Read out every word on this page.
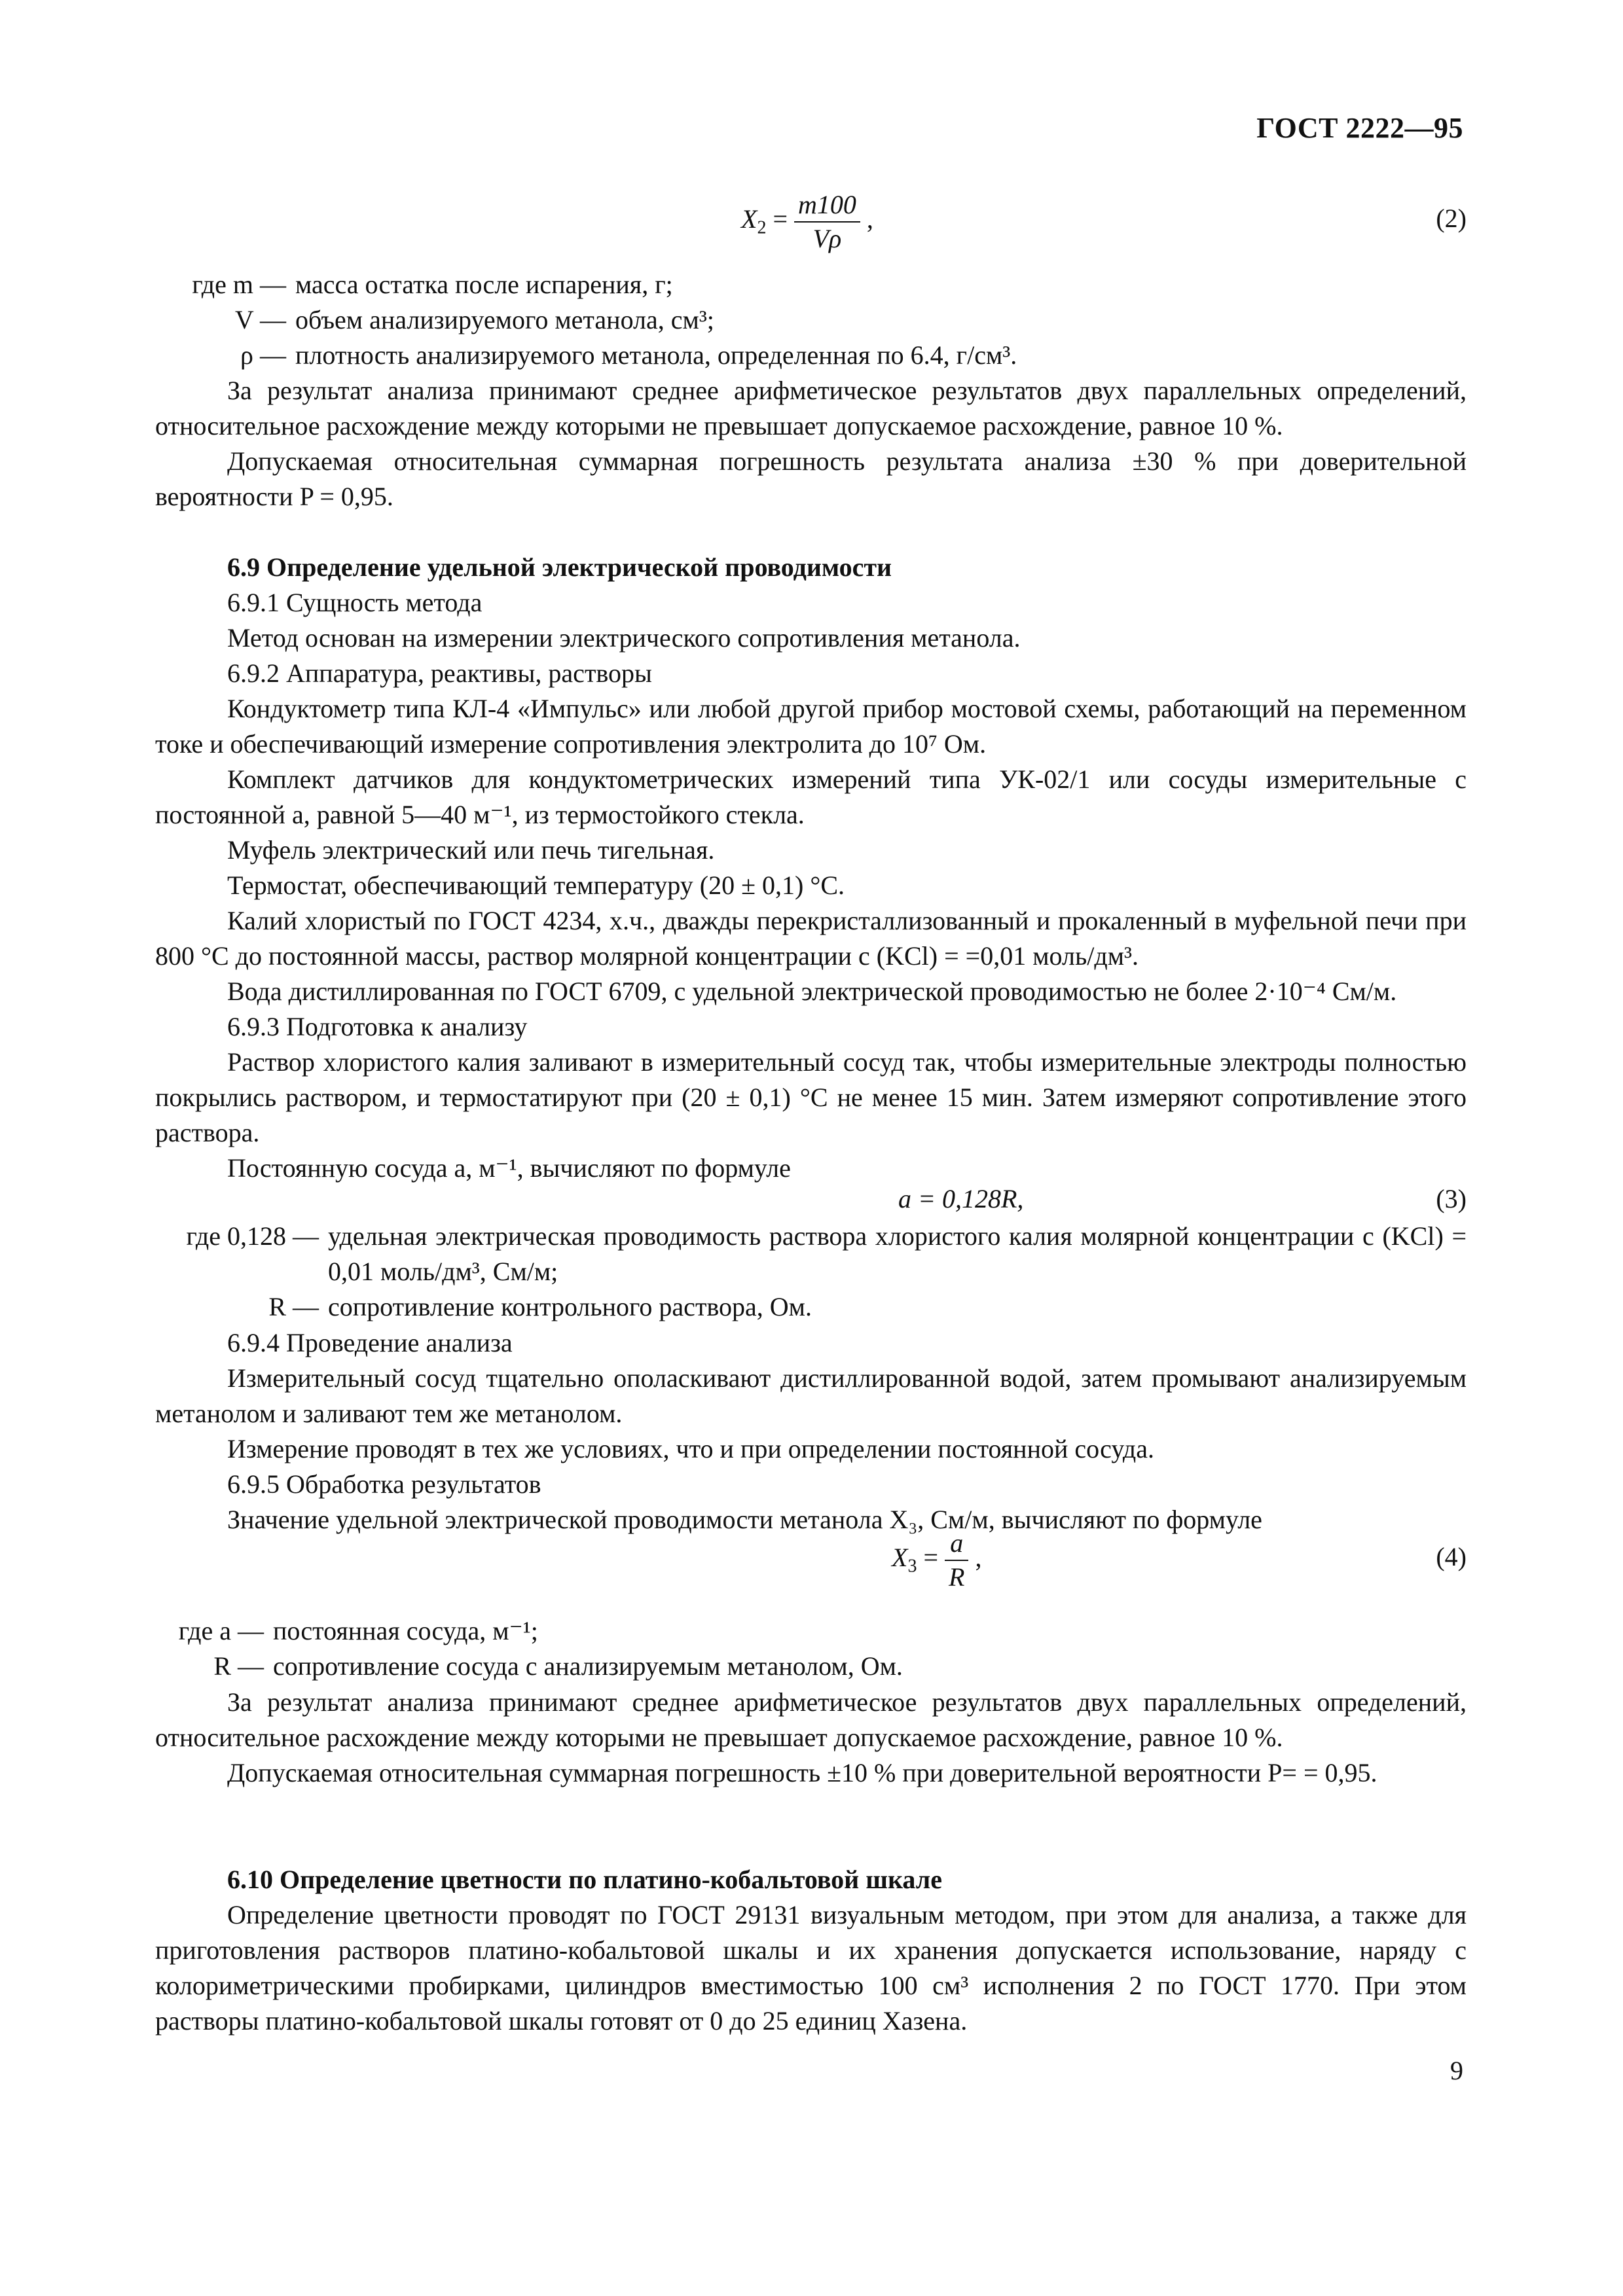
ГОСТ 2222—95
$X_2 = \frac{m100}{V\rho}$ ,	(2)
где m — масса остатка после испарения, г;
V — объем анализируемого метанола, см³;
ρ — плотность анализируемого метанола, определенная по 6.4, г/см³.

За результат анализа принимают среднее арифметическое результатов двух параллельных определений, относительное расхождение между которыми не превышает допускаемое расхождение, равное 10 %.

Допускаемая относительная суммарная погрешность результата анализа ±30 % при доверительной вероятности P = 0,95.

6.9 Определение удельной электрической проводимости

6.9.1 Сущность метода

Метод основан на измерении электрического сопротивления метанола.

6.9.2 Аппаратура, реактивы, растворы

Кондуктометр типа КЛ-4 «Импульс» или любой другой прибор мостовой схемы, работающий на переменном токе и обеспечивающий измерение сопротивления электролита до 10⁷ Ом.

Комплект датчиков для кондуктометрических измерений типа УК-02/1 или сосуды измерительные с постоянной а, равной 5—40 м⁻¹, из термостойкого стекла.

Муфель электрический или печь тигельная.

Термостат, обеспечивающий температуру (20 ± 0,1) °С.

Калий хлористый по ГОСТ 4234, х.ч., дважды перекристаллизованный и прокаленный в муфельной печи при 800 °С до постоянной массы, раствор молярной концентрации с (KCl) = =0,01 моль/дм³.

Вода дистиллированная по ГОСТ 6709, с удельной электрической проводимостью не более 2·10⁻⁴ См/м.

6.9.3 Подготовка к анализу

Раствор хлористого калия заливают в измерительный сосуд так, чтобы измерительные электроды полностью покрылись раствором, и термостатируют при (20 ± 0,1) °С не менее 15 мин. Затем измеряют сопротивление этого раствора.

Постоянную сосуда а, м⁻¹, вычисляют по формуле

a = 0,128R,	(3)
где 0,128 — удельная электрическая проводимость раствора хлористого калия молярной концентрации с (KCl) = 0,01 моль/дм³, См/м;
R — сопротивление контрольного раствора, Ом.

6.9.4 Проведение анализа

Измерительный сосуд тщательно ополаскивают дистиллированной водой, затем промывают анализируемым метанолом и заливают тем же метанолом.

Измерение проводят в тех же условиях, что и при определении постоянной сосуда.

6.9.5 Обработка результатов

Значение удельной электрической проводимости метанола X₃, См/м, вычисляют по формуле

$X_3 = \frac{a}{R}$ ,	(4)
где a — постоянная сосуда, м⁻¹;
R — сопротивление сосуда с анализируемым метанолом, Ом.

За результат анализа принимают среднее арифметическое результатов двух параллельных определений, относительное расхождение между которыми не превышает допускаемое расхождение, равное 10 %.

Допускаемая относительная суммарная погрешность ±10 % при доверительной вероятности Р= = 0,95.

6.10 Определение цветности по платино-кобальтовой шкале

Определение цветности проводят по ГОСТ 29131 визуальным методом, при этом для анализа, а также для приготовления растворов платино-кобальтовой шкалы и их хранения допускается использование, наряду с колориметрическими пробирками, цилиндров вместимостью 100 см³ исполнения 2 по ГОСТ 1770. При этом растворы платино-кобальтовой шкалы готовят от 0 до 25 единиц Хазена.

9
